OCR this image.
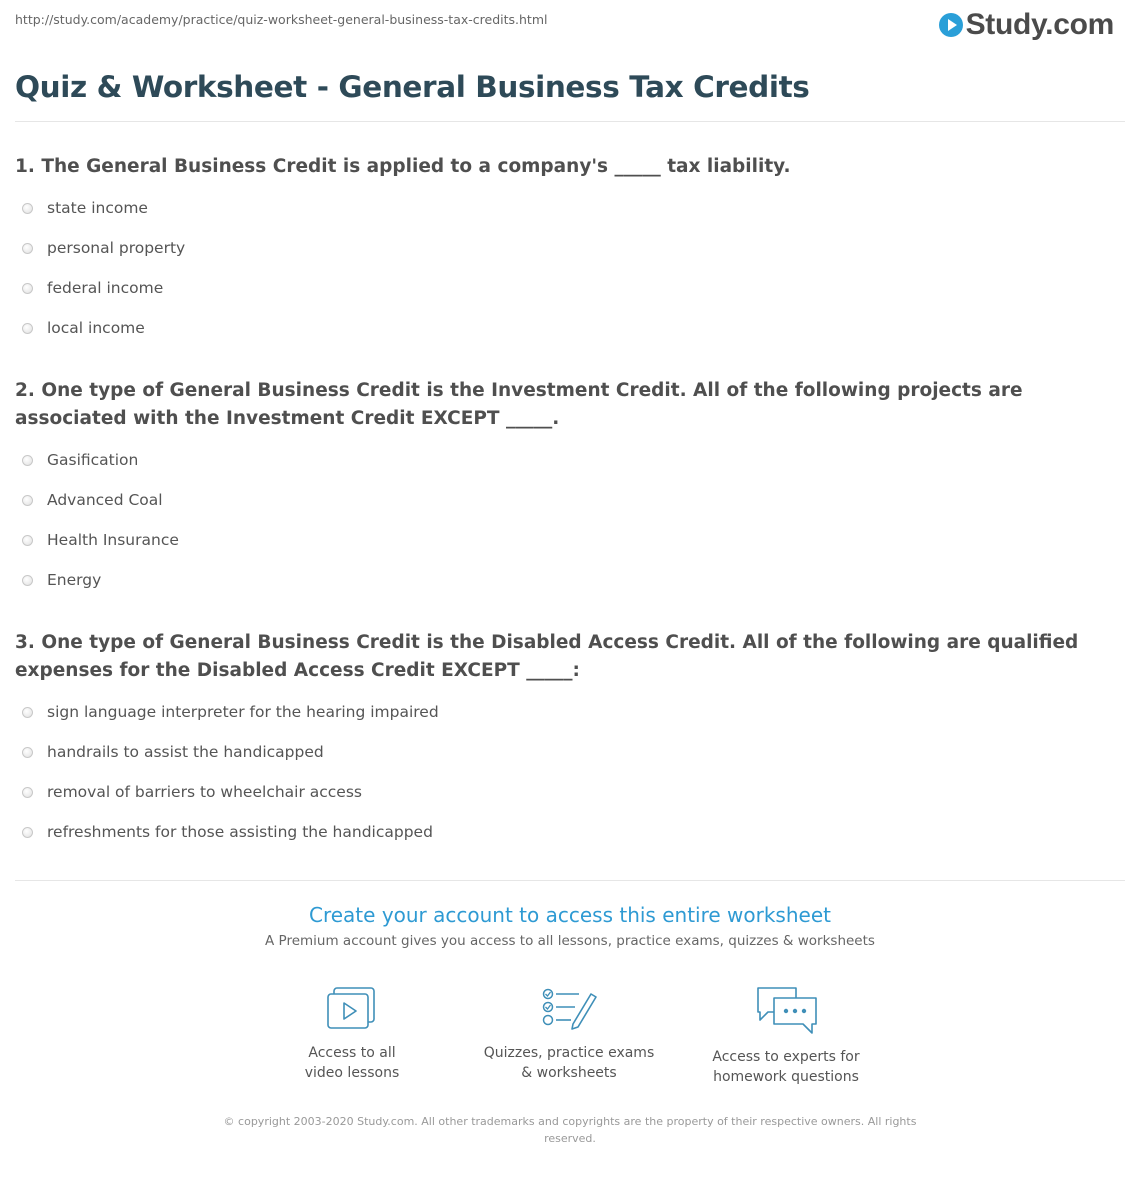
http://study.com/academy/practice/quiz-worksheet-general-business-tax-credits.html	Study.com
Quiz & Worksheet - General Business Tax Credits
1. The General Business Credit is applied to a company's _____ tax liability.
state income
personal property
federal income
local income
2. One type of General Business Credit is the Investment Credit. All of the following projects are associated with the Investment Credit EXCEPT _____.
Gasification
Advanced Coal
Health Insurance
Energy
3. One type of General Business Credit is the Disabled Access Credit. All of the following are qualified expenses for the Disabled Access Credit EXCEPT _____:
sign language interpreter for the hearing impaired
handrails to assist the handicapped
removal of barriers to wheelchair access
refreshments for those assisting the handicapped
Create your account to access this entire worksheet
A Premium account gives you access to all lessons, practice exams, quizzes & worksheets
Access to all
video lessons
Quizzes, practice exams
& worksheets
Access to experts for
homework questions
© copyright 2003-2020 Study.com. All other trademarks and copyrights are the property of their respective owners. All rights
reserved.
